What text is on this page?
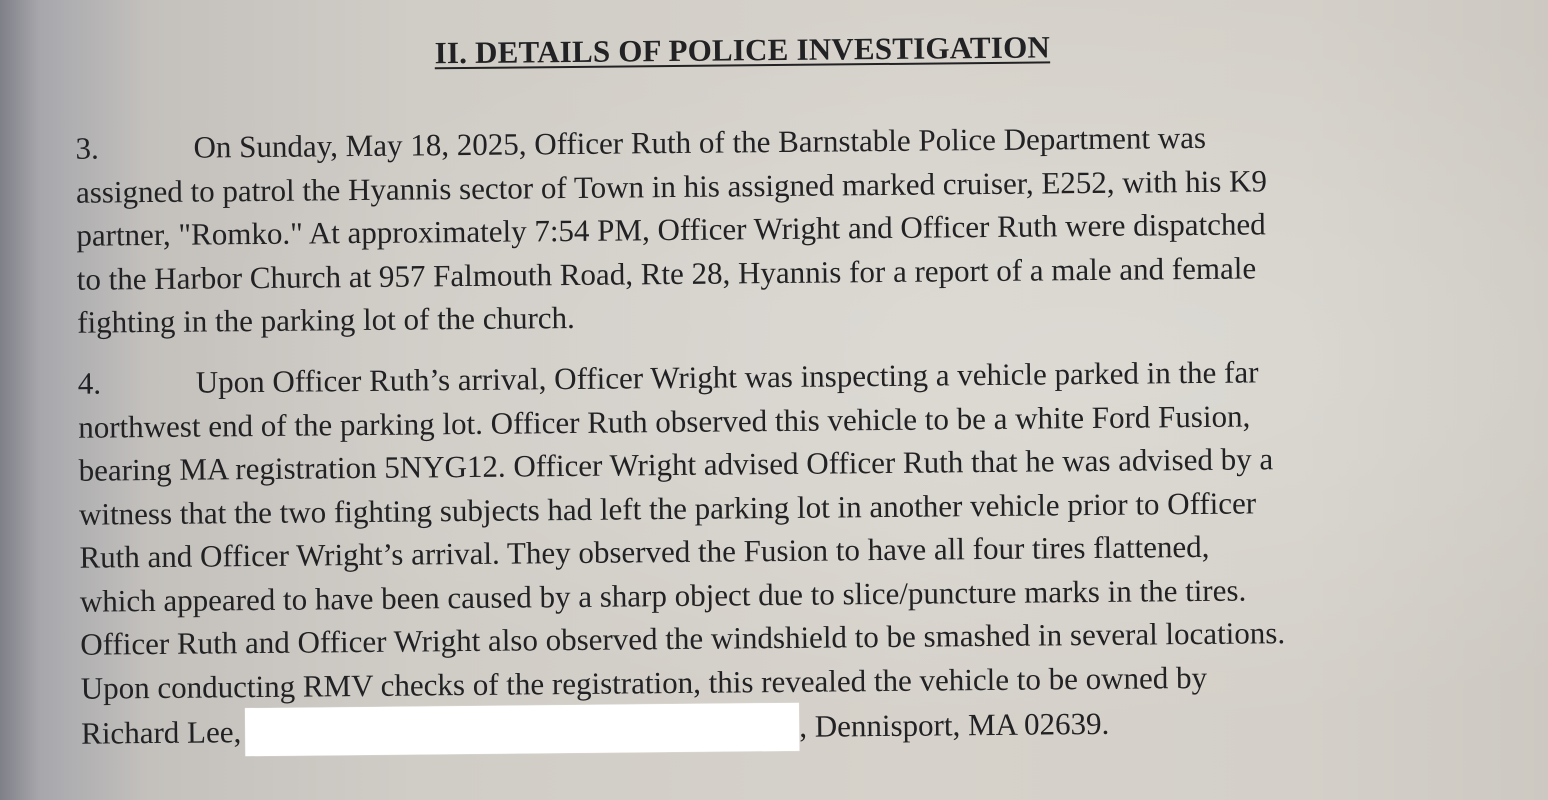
II. DETAILS OF POLICE INVESTIGATION
3.	On Sunday, May 18, 2025, Officer Ruth of the Barnstable Police Department was
assigned to patrol the Hyannis sector of Town in his assigned marked cruiser, E252, with his K9
partner, "Romko." At approximately 7:54 PM, Officer Wright and Officer Ruth were dispatched
to the Harbor Church at 957 Falmouth Road, Rte 28, Hyannis for a report of a male and female
fighting in the parking lot of the church.
4.	Upon Officer Ruth’s arrival, Officer Wright was inspecting a vehicle parked in the far
northwest end of the parking lot. Officer Ruth observed this vehicle to be a white Ford Fusion,
bearing MA registration 5NYG12. Officer Wright advised Officer Ruth that he was advised by a
witness that the two fighting subjects had left the parking lot in another vehicle prior to Officer
Ruth and Officer Wright’s arrival. They observed the Fusion to have all four tires flattened,
which appeared to have been caused by a sharp object due to slice/puncture marks in the tires.
Officer Ruth and Officer Wright also observed the windshield to be smashed in several locations.
Upon conducting RMV checks of the registration, this revealed the vehicle to be owned by
Richard Lee,	, Dennisport, MA 02639.
